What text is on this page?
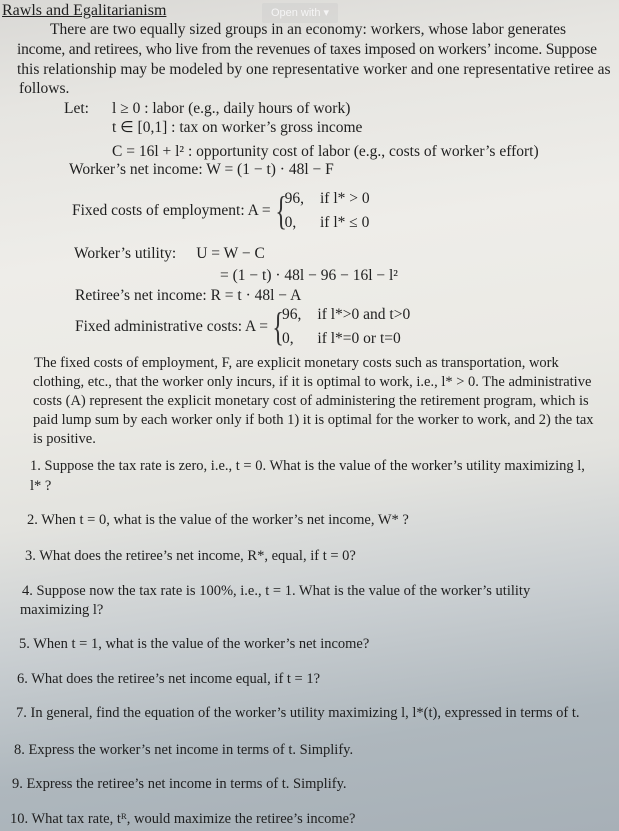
Rawls and Egalitarianism	Open with ▾
There are two equally sized groups in an economy: workers, whose labor generates
income, and retirees, who live from the revenues of taxes imposed on workers’ income. Suppose
this relationship may be modeled by one representative worker and one representative retiree as
follows.
Let: l ≥ 0 : labor (e.g., daily hours of work)
t ∈ [0,1] : tax on worker’s gross income
C = 16l + l² : opportunity cost of labor (e.g., costs of worker’s effort)
Worker’s net income: W = (1 − t) · 48l − F
Fixed costs of employment: A = {
96, if l* > 0
0,	if l* ≤ 0
Worker’s utility: U = W − C
= (1 − t) · 48l − 96 − 16l − l²
Retiree’s net income: R = t · 48l − A
Fixed administrative costs: A = {
96, if l*>0 and t>0
0,	if l*=0 or t=0
The fixed costs of employment, F, are explicit monetary costs such as transportation, work
clothing, etc., that the worker only incurs, if it is optimal to work, i.e., l* > 0. The administrative
costs (A) represent the explicit monetary cost of administering the retirement program, which is
paid lump sum by each worker only if both 1) it is optimal for the worker to work, and 2) the tax
is positive.
1. Suppose the tax rate is zero, i.e., t = 0. What is the value of the worker’s utility maximizing l,
l* ?
2. When t = 0, what is the value of the worker’s net income, W* ?
3. What does the retiree’s net income, R*, equal, if t = 0?
4. Suppose now the tax rate is 100%, i.e., t = 1. What is the value of the worker’s utility
maximizing l?
5. When t = 1, what is the value of the worker’s net income?
6. What does the retiree’s net income equal, if t = 1?
7. In general, find the equation of the worker’s utility maximizing l, l*(t), expressed in terms of t.
8. Express the worker’s net income in terms of t. Simplify.
9. Express the retiree’s net income in terms of t. Simplify.
10. What tax rate, tᴿ, would maximize the retiree’s income?
